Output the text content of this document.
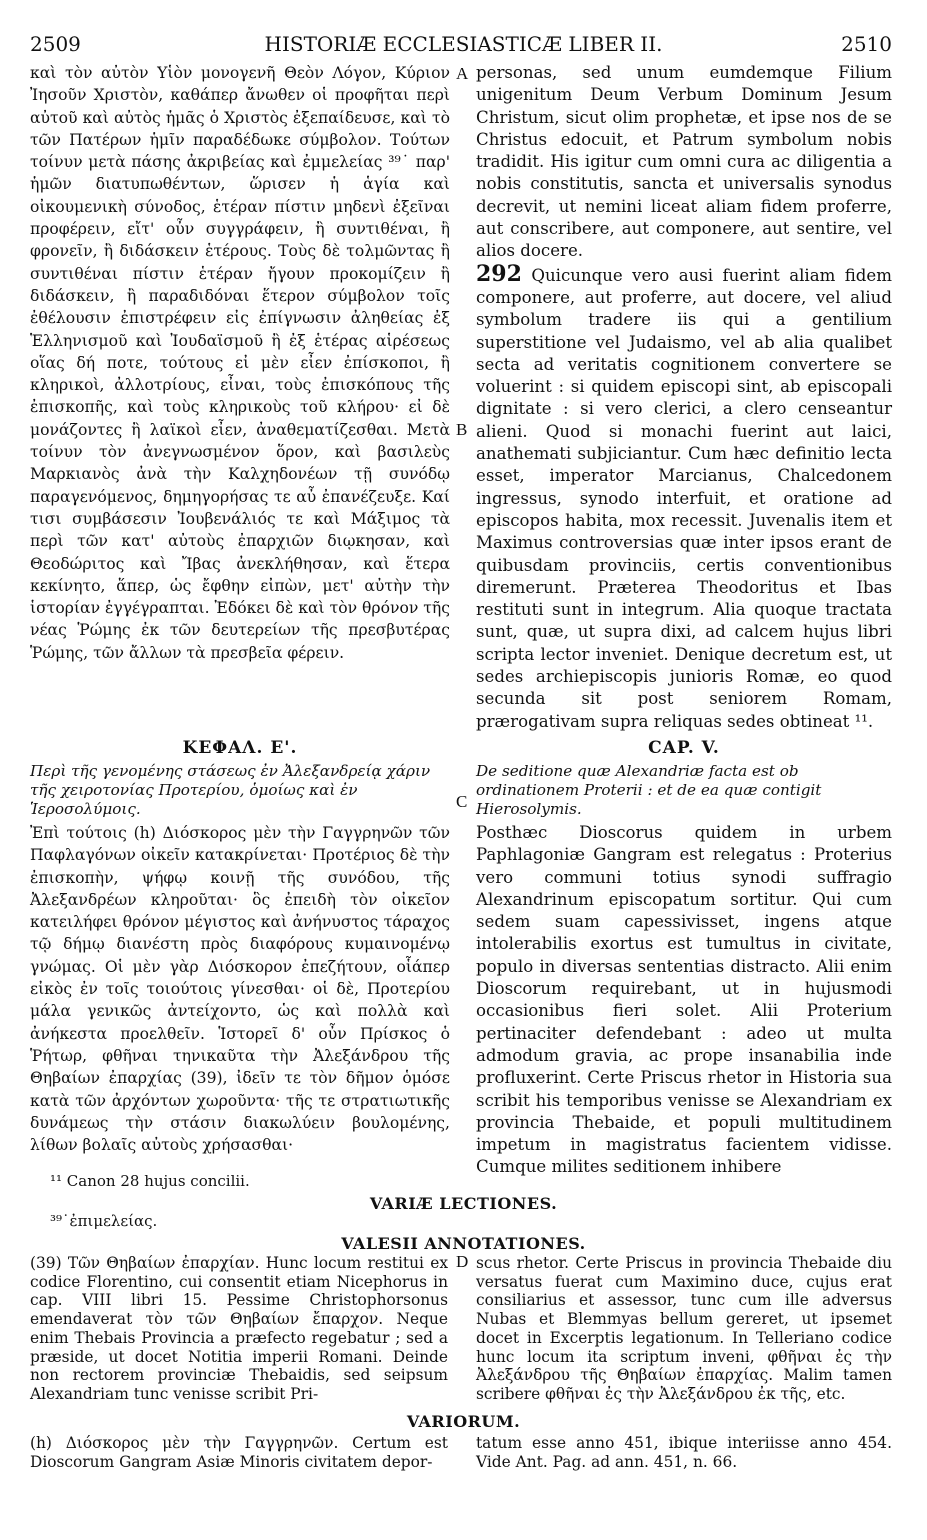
2509	HISTORIÆ ECCLESIASTICÆ LIBER II.	2510
A
B
C
D

καὶ τὸν αὐτὸν Υἱὸν μονογενῆ Θεὸν Λόγον, Κύριον Ἰησοῦν Χριστὸν, καθάπερ ἄνωθεν οἱ προφῆται περὶ αὐτοῦ καὶ αὐτὸς ἡμᾶς ὁ Χριστὸς ἐξεπαίδευσε, καὶ τὸ τῶν Πατέρων ἡμῖν παραδέδωκε σύμβολον. Τούτων τοίνυν μετὰ πάσης ἀκριβείας καὶ ἐμμελείας ³⁹˙ παρ' ἡμῶν διατυπωθέντων, ὥρισεν ἡ ἁγία καὶ οἰκουμενικὴ σύνοδος, ἑτέραν πίστιν μηδενὶ ἐξεῖναι προφέρειν, εἴτ' οὖν συγγράφειν, ἢ συντιθέναι, ἢ φρονεῖν, ἢ διδάσκειν ἑτέρους. Τοὺς δὲ τολμῶντας ἢ συντιθέναι πίστιν ἑτέραν ἤγουν προκομίζειν ἢ διδάσκειν, ἢ παραδιδόναι ἕτερον σύμβολον τοῖς ἐθέλουσιν ἐπιστρέφειν εἰς ἐπίγνωσιν ἀληθείας ἐξ Ἑλληνισμοῦ καὶ Ἰουδαϊσμοῦ ἢ ἐξ ἑτέρας αἱρέσεως οἵας δή ποτε, τούτους εἰ μὲν εἶεν ἐπίσκοποι, ἢ κληρικοὶ, ἀλλοτρίους, εἶναι, τοὺς ἐπισκόπους τῆς ἐπισκοπῆς, καὶ τοὺς κληρικοὺς τοῦ κλήρου· εἰ δὲ μονάζοντες ἢ λαϊκοὶ εἶεν, ἀναθεματίζεσθαι. Μετὰ τοίνυν τὸν ἀνεγνωσμένον ὅρον, καὶ βασιλεὺς Μαρκιανὸς ἀνὰ τὴν Καλχηδονέων τῇ συνόδῳ παραγενόμενος, δημηγορήσας τε αὖ ἐπανέζευξε. Καί τισι συμβάσεσιν Ἰουβενάλιός τε καὶ Μάξιμος τὰ περὶ τῶν κατ' αὐτοὺς ἐπαρχιῶν διῳκησαν, καὶ Θεοδώριτος καὶ Ἴβας ἀνεκλήθησαν, καὶ ἕτερα κεκίνητο, ἅπερ, ὡς ἔφθην εἰπὼν, μετ' αὐτὴν τὴν ἱστορίαν ἐγγέγραπται. Ἐδόκει δὲ καὶ τὸν θρόνον τῆς νέας Ῥώμης ἐκ τῶν δευτερείων τῆς πρεσβυτέρας Ῥώμης, τῶν ἄλλων τὰ πρεσβεῖα φέρειν.

personas, sed unum eumdemque Filium unigenitum Deum Verbum Dominum Jesum Christum, sicut olim prophetæ, et ipse nos de se Christus edocuit, et Patrum symbolum nobis tradidit. His igitur cum omni cura ac diligentia a nobis constitutis, sancta et universalis synodus decrevit, ut nemini liceat aliam fidem proferre, aut conscribere, aut componere, aut sentire, vel alios docere.

292 Quicunque vero ausi fuerint aliam fidem componere, aut proferre, aut docere, vel aliud symbolum tradere iis qui a gentilium superstitione vel Judaismo, vel ab alia qualibet secta ad veritatis cognitionem convertere se voluerint : si quidem episcopi sint, ab episcopali dignitate : si vero clerici, a clero censeantur alieni. Quod si monachi fuerint aut laici, anathemati subjiciantur. Cum hæc definitio lecta esset, imperator Marcianus, Chalcedonem ingressus, synodo interfuit, et oratione ad episcopos habita, mox recessit. Juvenalis item et Maximus controversias quæ inter ipsos erant de quibusdam provinciis, certis conventionibus diremerunt. Præterea Theodoritus et Ibas restituti sunt in integrum. Alia quoque tractata sunt, quæ, ut supra dixi, ad calcem hujus libri scripta lector inveniet. Denique decretum est, ut sedes archiepiscopis junioris Romæ, eo quod secunda sit post seniorem Romam, prærogativam supra reliquas sedes obtineat ¹¹.

ΚΕΦΑΛ. Ε'.	CAP. V.
Περὶ τῆς γενομένης στάσεως ἐν Ἀλεξανδρείᾳ χάριν τῆς χειροτονίας Προτερίου, ὁμοίως καὶ ἐν Ἱεροσολύμοις.
De seditione quæ Alexandriæ facta est ob ordinationem Proterii : et de ea quæ contigit Hierosolymis.

Ἐπὶ τούτοις (h) Διόσκορος μὲν τὴν Γαγγρηνῶν τῶν Παφλαγόνων οἰκεῖν κατακρίνεται· Προτέριος δὲ τὴν ἐπισκοπὴν, ψήφῳ κοινῇ τῆς συνόδου, τῆς Ἀλεξανδρέων κληροῦται· ὃς ἐπειδὴ τὸν οἰκεῖον κατειλήφει θρόνον μέγιστος καὶ ἀνήνυστος τάραχος τῷ δήμῳ διανέστη πρὸς διαφόρους κυμαινομένῳ γνώμας. Οἱ μὲν γὰρ Διόσκορον ἐπεζήτουν, οἷάπερ εἰκὸς ἐν τοῖς τοιούτοις γίνεσθαι· οἱ δὲ, Προτερίου μάλα γενικῶς ἀντείχοντο, ὡς καὶ πολλὰ καὶ ἀνήκεστα προελθεῖν. Ἱστορεῖ δ' οὖν Πρίσκος ὁ Ῥήτωρ, φθῆναι τηνικαῦτα τὴν Ἀλεξάνδρου τῆς Θηβαίων ἐπαρχίας (39), ἰδεῖν τε τὸν δῆμον ὁμόσε κατὰ τῶν ἀρχόντων χωροῦντα· τῆς τε στρατιωτικῆς δυνάμεως τὴν στάσιν διακωλύειν βουλομένης, λίθων βολαῖς αὐτοὺς χρήσασθαι·

Posthæc Dioscorus quidem in urbem Paphlagoniæ Gangram est relegatus : Proterius vero communi totius synodi suffragio Alexandrinum episcopatum sortitur. Qui cum sedem suam capessivisset, ingens atque intolerabilis exortus est tumultus in civitate, populo in diversas sententias distracto. Alii enim Dioscorum requirebant, ut in hujusmodi occasionibus fieri solet. Alii Proterium pertinaciter defendebant : adeo ut multa admodum gravia, ac prope insanabilia inde profluxerint. Certe Priscus rhetor in Historia sua scribit his temporibus venisse se Alexandriam ex provincia Thebaide, et populi multitudinem impetum in magistratus facientem vidisse. Cumque milites seditionem inhibere

¹¹ Canon 28 hujus concilii.
VARIÆ LECTIONES.
³⁹˙ἐπιμελείας.
VALESII ANNOTATIONES.

(39) Τῶν Θηβαίων ἐπαρχίαν. Hunc locum restitui ex codice Florentino, cui consentit etiam Nicephorus in cap. VIII libri 15. Pessime Christophorsonus emendaverat τὸν τῶν Θηβαίων ἔπαρχον. Neque enim Thebais Provincia a præfecto regebatur ; sed a præside, ut docet Notitia imperii Romani. Deinde non rectorem provinciæ Thebaidis, sed seipsum Alexandriam tunc venisse scribit Pri-

scus rhetor. Certe Priscus in provincia Thebaide diu versatus fuerat cum Maximino duce, cujus erat consiliarius et assessor, tunc cum ille adversus Nubas et Blemmyas bellum gereret, ut ipsemet docet in Excerptis legationum. In Telleriano codice hunc locum ita scriptum inveni, φθῆναι ἐς τὴν Ἀλεξάνδρου τῆς Θηβαίων ἐπαρχίας. Malim tamen scribere φθῆναι ἐς τὴν Ἀλεξάνδρου ἐκ τῆς, etc.

VARIORUM.

(h) Διόσκορος μὲν τὴν Γαγγρηνῶν. Certum est Dioscorum Gangram Asiæ Minoris civitatem depor-

tatum esse anno 451, ibique interiisse anno 454. Vide Ant. Pag. ad ann. 451, n. 66.
